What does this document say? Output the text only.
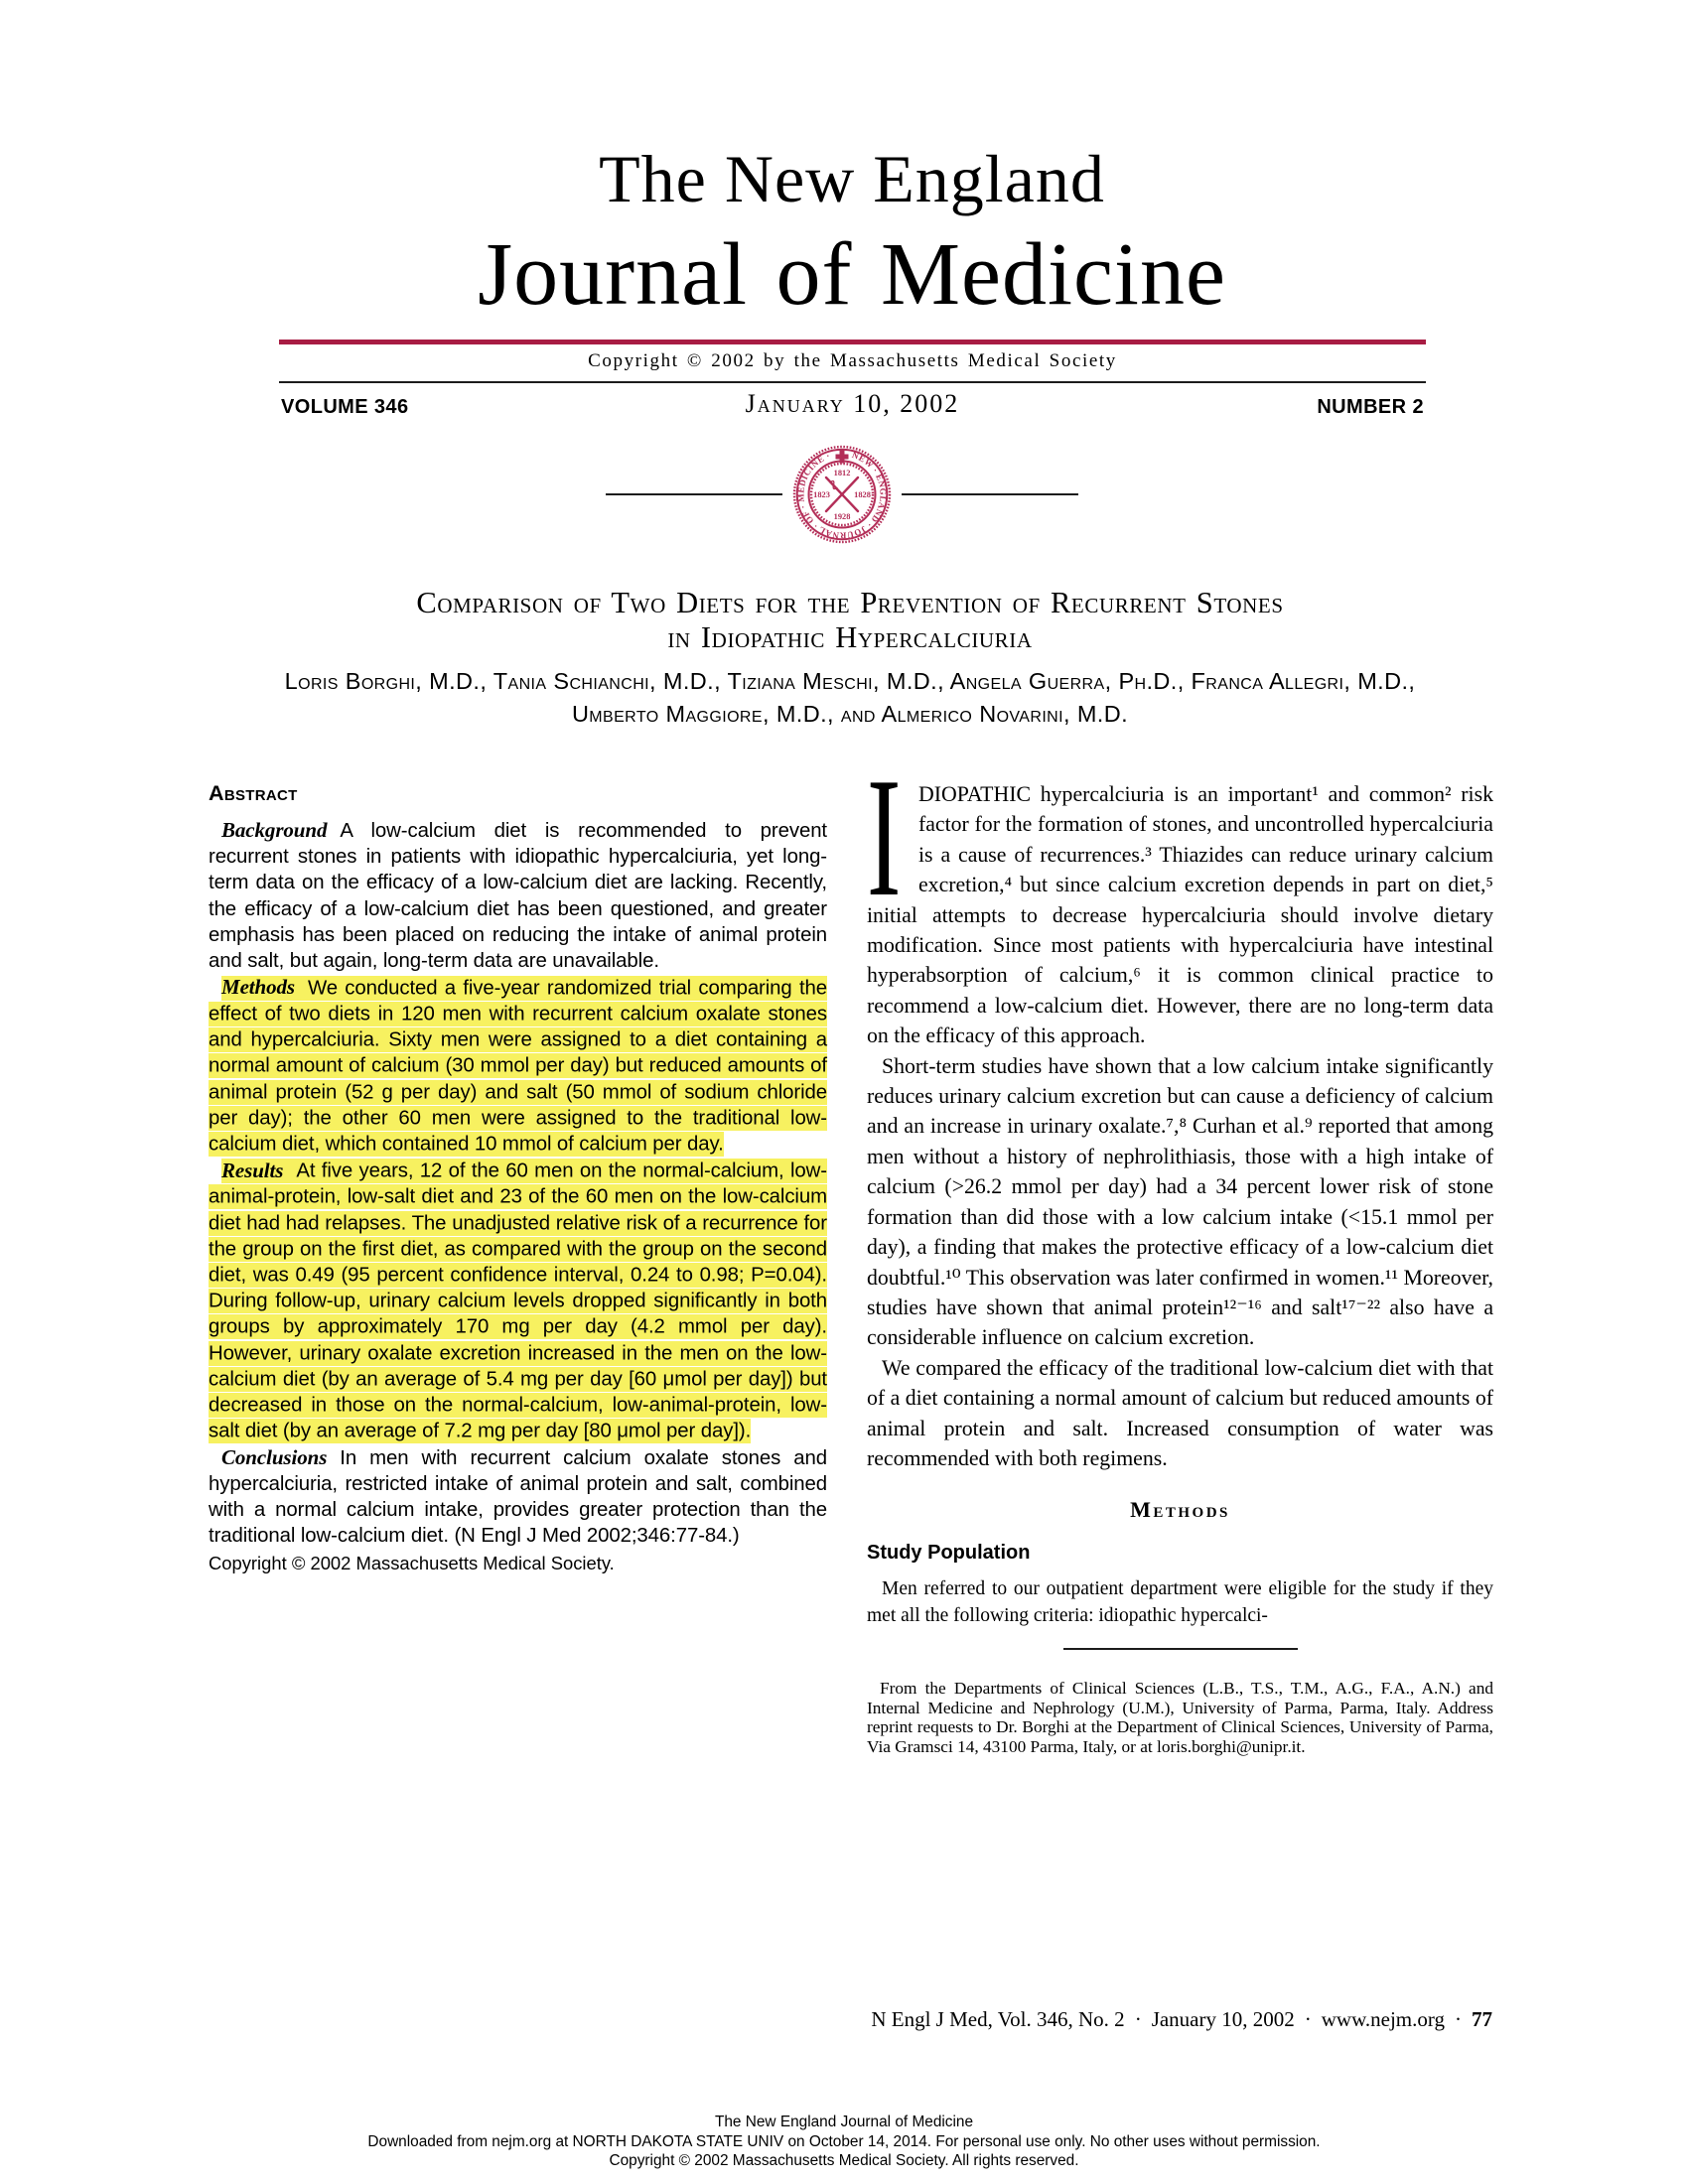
The New England
Journal of Medicine
Copyright © 2002 by the Massachusetts Medical Society
VOLUME 346	January 10, 2002	NUMBER 2
NEW · ENGLAND · JOURNAL · OF · MEDICINE ·
1812
1823	1828
1928
Comparison of Two Diets for the Prevention of Recurrent Stones
in Idiopathic Hypercalciuria
Loris Borghi, M.D., Tania Schianchi, M.D., Tiziana Meschi, M.D., Angela Guerra, Ph.D., Franca Allegri, M.D.,
Umberto Maggiore, M.D., and Almerico Novarini, M.D.
Abstract

Background A low-calcium diet is recommended to prevent recurrent stones in patients with idiopathic hypercalciuria, yet long-term data on the efficacy of a low-calcium diet are lacking. Recently, the efficacy of a low-calcium diet has been questioned, and greater emphasis has been placed on reducing the intake of animal protein and salt, but again, long-term data are unavailable.

Methods We conducted a five-year randomized trial comparing the effect of two diets in 120 men with recurrent calcium oxalate stones and hypercalciuria. Sixty men were assigned to a diet containing a normal amount of calcium (30 mmol per day) but reduced amounts of animal protein (52 g per day) and salt (50 mmol of sodium chloride per day); the other 60 men were assigned to the traditional low-calcium diet, which contained 10 mmol of calcium per day.

Results At five years, 12 of the 60 men on the normal-calcium, low-animal-protein, low-salt diet and 23 of the 60 men on the low-calcium diet had had relapses. The unadjusted relative risk of a recurrence for the group on the first diet, as compared with the group on the second diet, was 0.49 (95 percent confidence interval, 0.24 to 0.98; P=0.04). During follow-up, urinary calcium levels dropped significantly in both groups by approximately 170 mg per day (4.2 mmol per day). However, urinary oxalate excretion increased in the men on the low-calcium diet (by an average of 5.4 mg per day [60 μmol per day]) but decreased in those on the normal-calcium, low-animal-protein, low-salt diet (by an average of 7.2 mg per day [80 μmol per day]).

Conclusions In men with recurrent calcium oxalate stones and hypercalciuria, restricted intake of animal protein and salt, combined with a normal calcium intake, provides greater protection than the traditional low-calcium diet. (N Engl J Med 2002;346:77-84.)

Copyright © 2002 Massachusetts Medical Society.

IDIOPATHIC hypercalciuria is an important¹ and common² risk factor for the formation of stones, and uncontrolled hypercalciuria is a cause of recurrences.³ Thiazides can reduce urinary calcium excretion,⁴ but since calcium excretion depends in part on diet,⁵ initial attempts to decrease hypercalciuria should involve dietary modification. Since most patients with hypercalciuria have intestinal hyperabsorption of calcium,⁶ it is common clinical practice to recommend a low-calcium diet. However, there are no long-term data on the efficacy of this approach.

Short-term studies have shown that a low calcium intake significantly reduces urinary calcium excretion but can cause a deficiency of calcium and an increase in urinary oxalate.⁷,⁸ Curhan et al.⁹ reported that among men without a history of nephrolithiasis, those with a high intake of calcium (>26.2 mmol per day) had a 34 percent lower risk of stone formation than did those with a low calcium intake (<15.1 mmol per day), a finding that makes the protective efficacy of a low-calcium diet doubtful.¹⁰ This observation was later confirmed in women.¹¹ Moreover, studies have shown that animal protein¹²⁻¹⁶ and salt¹⁷⁻²² also have a considerable influence on calcium excretion.

We compared the efficacy of the traditional low-calcium diet with that of a diet containing a normal amount of calcium but reduced amounts of animal protein and salt. Increased consumption of water was recommended with both regimens.

Methods
Study Population

Men referred to our outpatient department were eligible for the study if they met all the following criteria: idiopathic hypercalci-

From the Departments of Clinical Sciences (L.B., T.S., T.M., A.G., F.A., A.N.) and Internal Medicine and Nephrology (U.M.), University of Parma, Parma, Italy. Address reprint requests to Dr. Borghi at the Department of Clinical Sciences, University of Parma, Via Gramsci 14, 43100 Parma, Italy, or at loris.borghi@unipr.it.

N Engl J Med, Vol. 346, No. 2 · January 10, 2002 · www.nejm.org · 77
The New England Journal of Medicine
Downloaded from nejm.org at NORTH DAKOTA STATE UNIV on October 14, 2014. For personal use only. No other uses without permission.
Copyright © 2002 Massachusetts Medical Society. All rights reserved.
